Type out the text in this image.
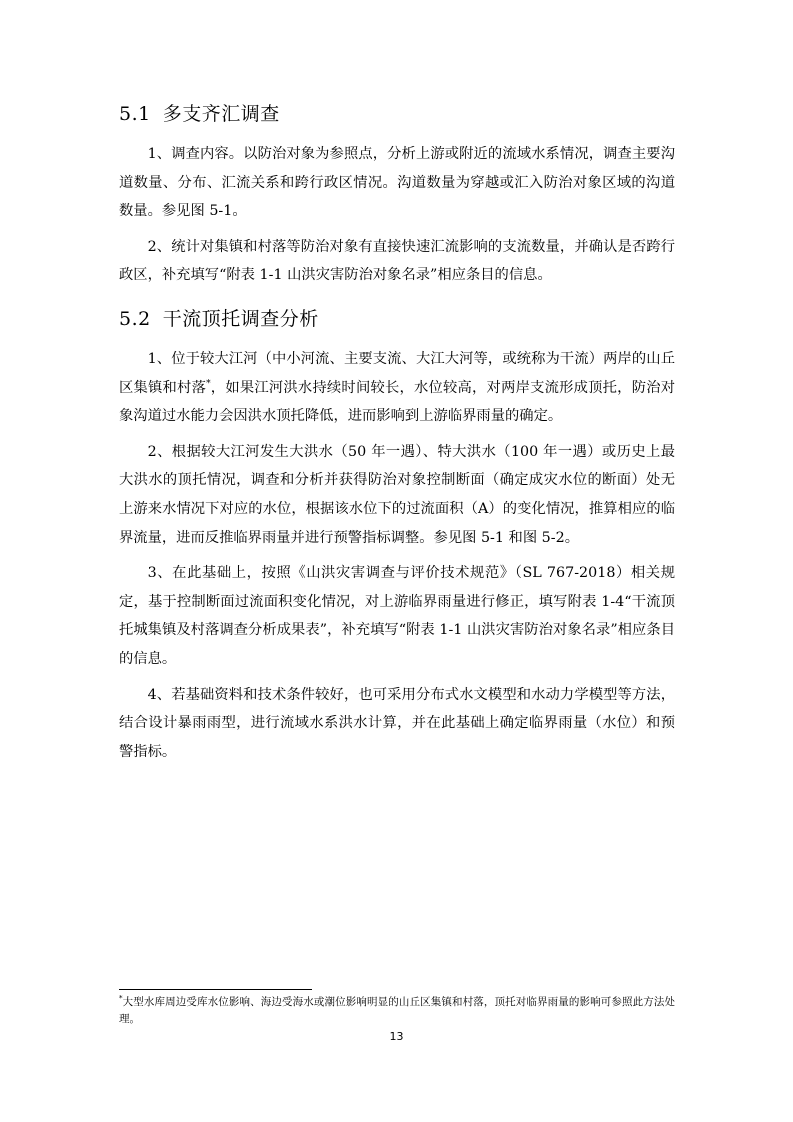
5.1 多支齐汇调查

1、调查内容。以防治对象为参照点，分析上游或附近的流域水系情况，调查主要沟道数量、分布、汇流关系和跨行政区情况。沟道数量为穿越或汇入防治对象区域的沟道数量。参见图 5-1。

2、统计对集镇和村落等防治对象有直接快速汇流影响的支流数量，并确认是否跨行政区，补充填写“附表 1-1 山洪灾害防治对象名录”相应条目的信息。

5.2 干流顶托调查分析

1、位于较大江河（中小河流、主要支流、大江大河等，或统称为干流）两岸的山丘区集镇和村落*，如果江河洪水持续时间较长，水位较高，对两岸支流形成顶托，防治对象沟道过水能力会因洪水顶托降低，进而影响到上游临界雨量的确定。

2、根据较大江河发生大洪水（50 年一遇）、特大洪水（100 年一遇）或历史上最大洪水的顶托情况，调查和分析并获得防治对象控制断面（确定成灾水位的断面）处无上游来水情况下对应的水位，根据该水位下的过流面积（A）的变化情况，推算相应的临界流量，进而反推临界雨量并进行预警指标调整。参见图 5-1 和图 5-2。

3、在此基础上，按照《山洪灾害调查与评价技术规范》（SL 767-2018）相关规定，基于控制断面过流面积变化情况，对上游临界雨量进行修正，填写附表 1-4“干流顶托城集镇及村落调查分析成果表”，补充填写“附表 1-1 山洪灾害防治对象名录”相应条目的信息。

4、若基础资料和技术条件较好，也可采用分布式水文模型和水动力学模型等方法，结合设计暴雨雨型，进行流域水系洪水计算，并在此基础上确定临界雨量（水位）和预警指标。

*大型水库周边受库水位影响、海边受海水或潮位影响明显的山丘区集镇和村落，顶托对临界雨量的影响可参照此方法处理。
13
